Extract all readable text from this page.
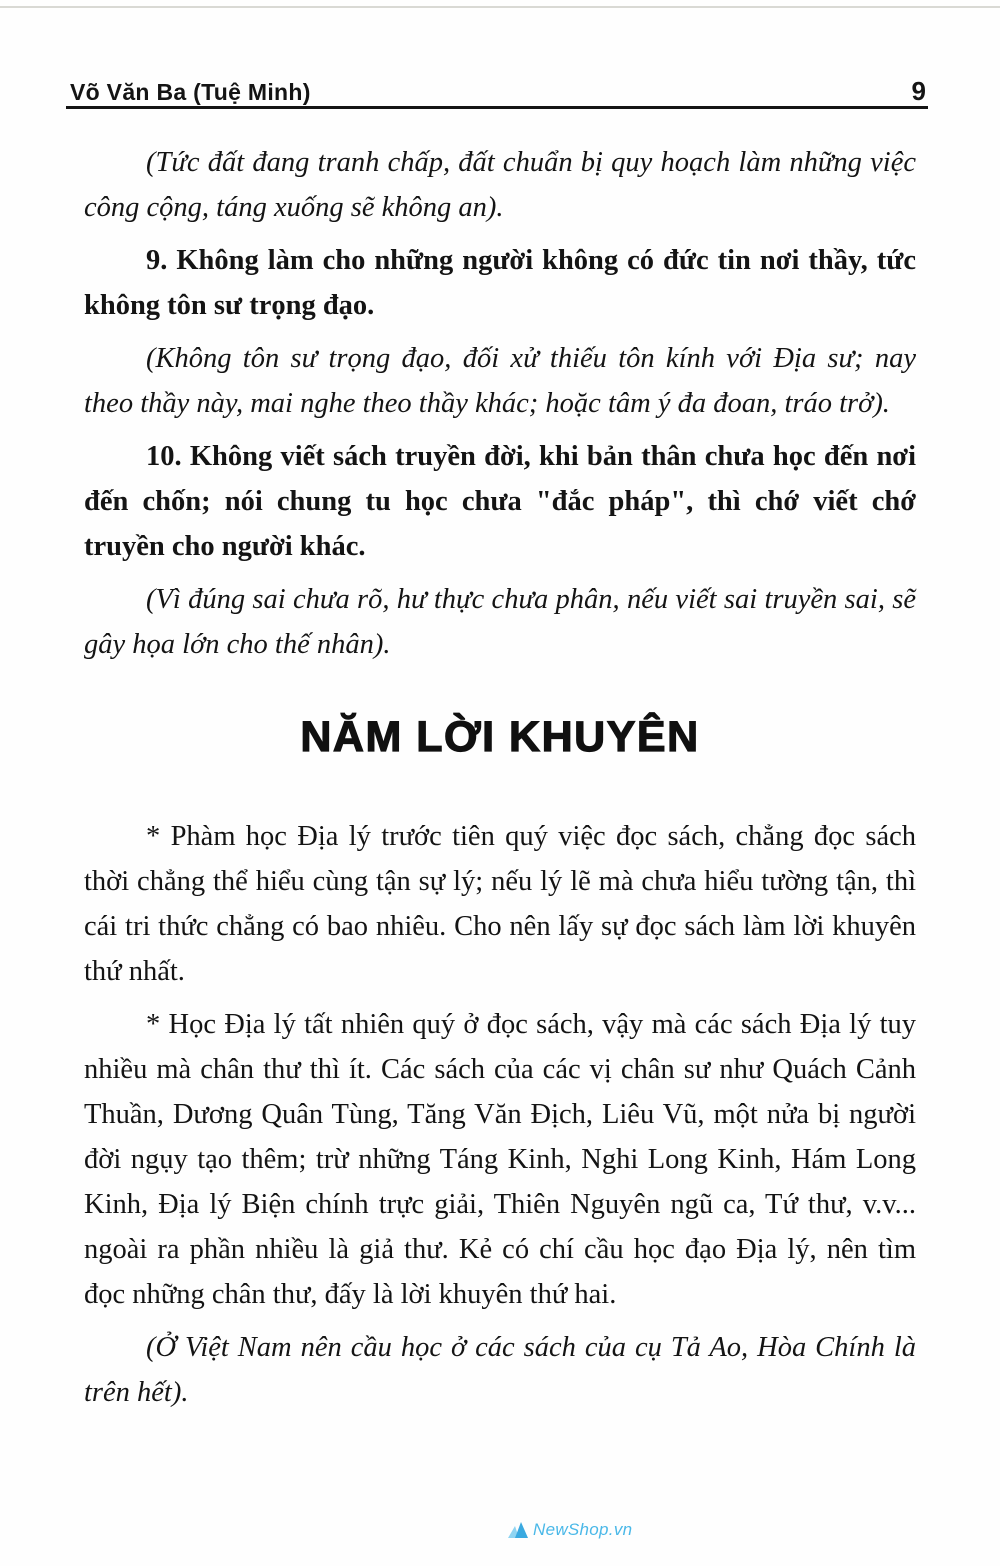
Võ Văn Ba (Tuệ Minh)	9

(Tức đất đang tranh chấp, đất chuẩn bị quy hoạch làm những việc công cộng, táng xuống sẽ không an).

9. Không làm cho những người không có đức tin nơi thầy, tức không tôn sư trọng đạo.

(Không tôn sư trọng đạo, đối xử thiếu tôn kính với Địa sư; nay theo thầy này, mai nghe theo thầy khác; hoặc tâm ý đa đoan, tráo trở).

10. Không viết sách truyền đời, khi bản thân chưa học đến nơi đến chốn; nói chung tu học chưa "đắc pháp", thì chớ viết chớ truyền cho người khác.

(Vì đúng sai chưa rõ, hư thực chưa phân, nếu viết sai truyền sai, sẽ gây họa lớn cho thế nhân).

NĂM LỜI KHUYÊN

* Phàm học Địa lý trước tiên quý việc đọc sách, chẳng đọc sách thời chẳng thể hiểu cùng tận sự lý; nếu lý lẽ mà chưa hiểu tường tận, thì cái tri thức chẳng có bao nhiêu. Cho nên lấy sự đọc sách làm lời khuyên thứ nhất.

* Học Địa lý tất nhiên quý ở đọc sách, vậy mà các sách Địa lý tuy nhiều mà chân thư thì ít. Các sách của các vị chân sư như Quách Cảnh Thuần, Dương Quân Tùng, Tăng Văn Địch, Liêu Vũ, một nửa bị người đời ngụy tạo thêm; trừ những Táng Kinh, Nghi Long Kinh, Hám Long Kinh, Địa lý Biện chính trực giải, Thiên Nguyên ngũ ca, Tứ thư, v.v... ngoài ra phần nhiều là giả thư. Kẻ có chí cầu học đạo Địa lý, nên tìm đọc những chân thư, đấy là lời khuyên thứ hai.

(Ở Việt Nam nên cầu học ở các sách của cụ Tả Ao, Hòa Chính là trên hết).

NewShop.vn
